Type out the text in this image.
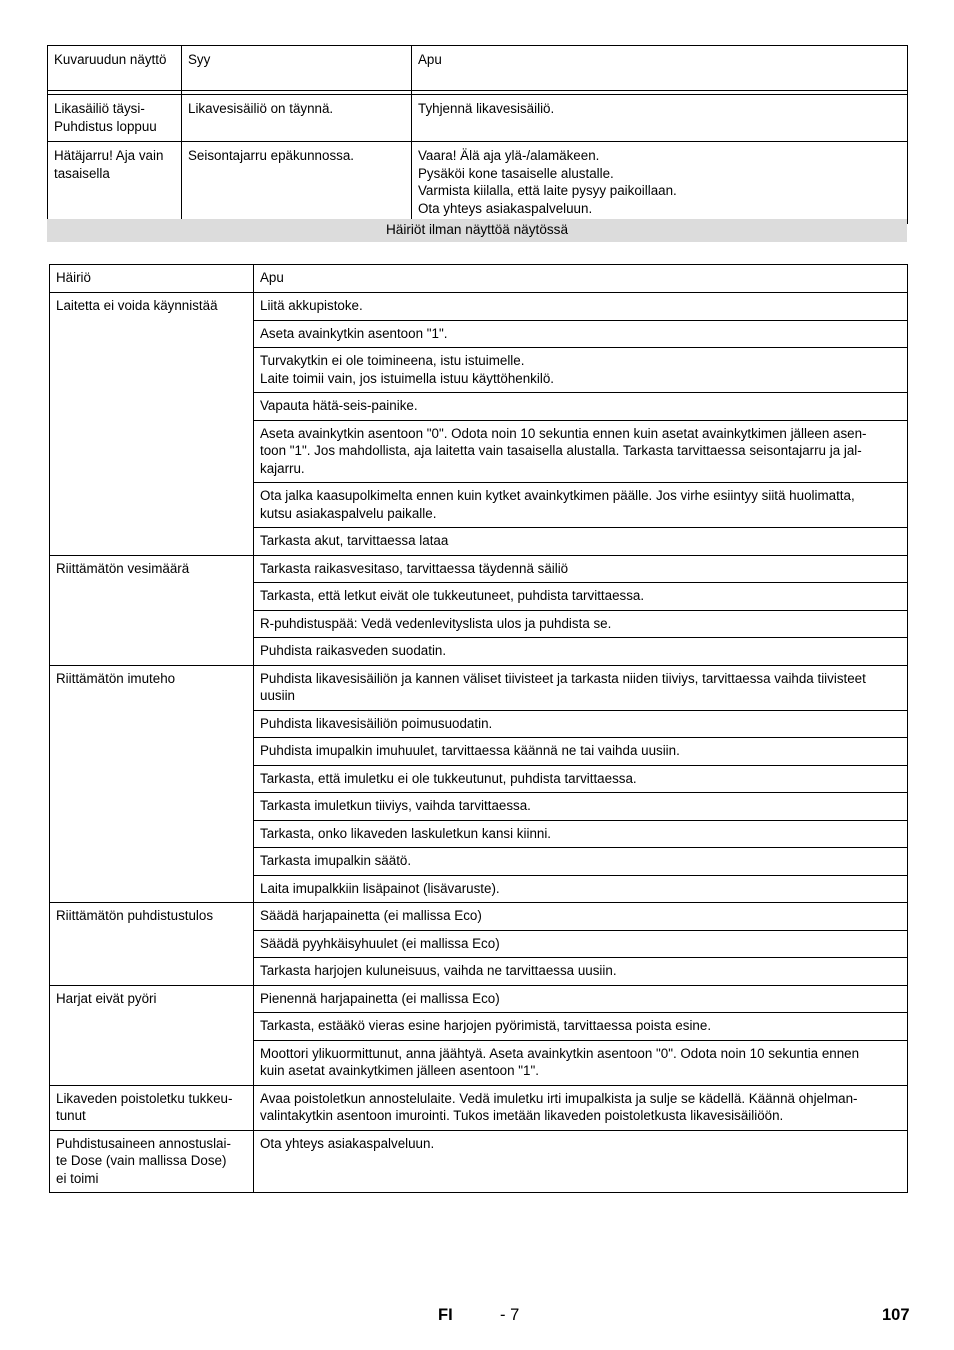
Kuvaruudun näyttö	Syy	Apu

Likasäiliö täysi-
Puhdistus loppuu	Likavesisäiliö on täynnä.	Tyhjennä likavesisäiliö.

Hätäjarru! Aja vain
tasaisella	Seisontajarru epäkunnossa.	Vaara! Älä aja ylä-/alamäkeen.
Pysäköi kone tasaiselle alustalle.
Varmista kiilalla, että laite pysyy paikoillaan.
Ota yhteys asiakaspalveluun.
Häiriöt ilman näyttöä näytössä
Häiriö	Apu

Laitetta ei voida käynnistää	Liitä akkupistoke.

	Aseta avainkytkin asentoon "1".

	Turvakytkin ei ole toimineena, istu istuimelle.
Laite toimii vain, jos istuimella istuu käyttöhenkilö.

	Vapauta hätä-seis-painike.

	Aseta avainkytkin asentoon "0". Odota noin 10 sekuntia ennen kuin asetat avainkytkimen jälleen asen-
toon "1". Jos mahdollista, aja laitetta vain tasaisella alustalla. Tarkasta tarvittaessa seisontajarru ja jal-
kajarru.

	Ota jalka kaasupolkimelta ennen kuin kytket avainkytkimen päälle. Jos virhe esiintyy siitä huolimatta,
kutsu asiakaspalvelu paikalle.

	Tarkasta akut, tarvittaessa lataa

Riittämätön vesimäärä	Tarkasta raikasvesitaso, tarvittaessa täydennä säiliö

	Tarkasta, että letkut eivät ole tukkeutuneet, puhdista tarvittaessa.

	R-puhdistuspää: Vedä vedenlevityslista ulos ja puhdista se.

	Puhdista raikasveden suodatin.

Riittämätön imuteho	Puhdista likavesisäiliön ja kannen väliset tiivisteet ja tarkasta niiden tiiviys, tarvittaessa vaihda tiivisteet
uusiin

	Puhdista likavesisäiliön poimusuodatin.

	Puhdista imupalkin imuhuulet, tarvittaessa käännä ne tai vaihda uusiin.

	Tarkasta, että imuletku ei ole tukkeutunut, puhdista tarvittaessa.

	Tarkasta imuletkun tiiviys, vaihda tarvittaessa.

	Tarkasta, onko likaveden laskuletkun kansi kiinni.

	Tarkasta imupalkin säätö.

	Laita imupalkkiin lisäpainot (lisävaruste).

Riittämätön puhdistustulos	Säädä harjapainetta (ei mallissa Eco)

	Säädä pyyhkäisyhuulet (ei mallissa Eco)

	Tarkasta harjojen kuluneisuus, vaihda ne tarvittaessa uusiin.

Harjat eivät pyöri	Pienennä harjapainetta (ei mallissa Eco)

	Tarkasta, estääkö vieras esine harjojen pyörimistä, tarvittaessa poista esine.

	Moottori ylikuormittunut, anna jäähtyä. Aseta avainkytkin asentoon "0". Odota noin 10 sekuntia ennen
kuin asetat avainkytkimen jälleen asentoon "1".

Likaveden poistoletku tukkeu-
tunut	Avaa poistoletkun annostelulaite. Vedä imuletku irti imupalkista ja sulje se kädellä. Käännä ohjelman-
valintakytkin asentoon imurointi. Tukos imetään likaveden poistoletkusta likavesisäiliöön.

Puhdistusaineen annostuslai-
te Dose (vain mallissa Dose)
ei toimi	Ota yhteys asiakaspalveluun.
FI	- 7	107
